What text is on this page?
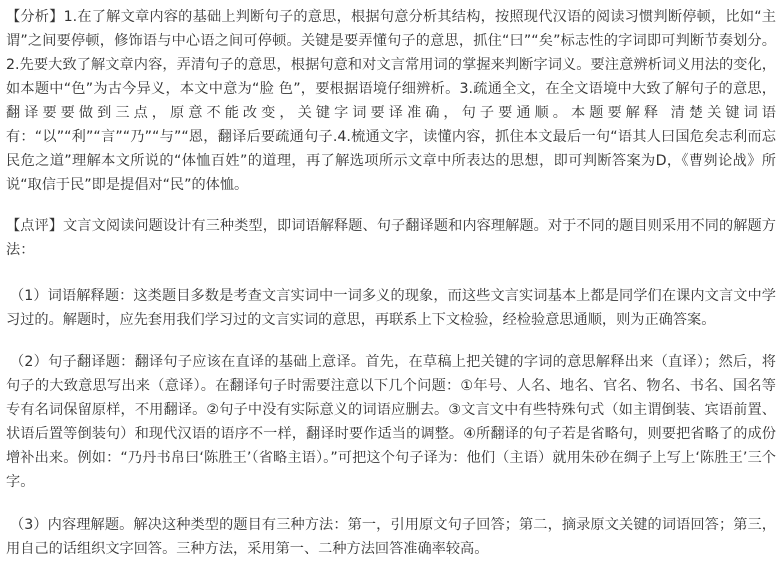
【分析】1.在了解文章内容的基础上判断句子的意思，根据句意分析其结构，按照现代汉语的阅读习惯判断停顿，比如“主谓”之间要停顿，修饰语与中心语之间可停顿。关键是要弄懂句子的意思，抓住“曰”“矣”标志性的字词即可判断节奏划分。2.先要大致了解文章内容，弄清句子的意思，根据句意和对文言常用词的掌握来判断字词义。要注意辨析词义用法的变化，如本题中“色”为古今异义，本文中意为“脸 色”，要根据语境仔细辨析。3.疏通全文，在全文语境中大致了解句子的意思，翻译要要做到三点，原意不能改变，关键字词要译准确，句子要通顺。本题要解释 清楚关键词语有：“以”“利”“言”“乃”“与”“恩，翻译后要疏通句子.4.梳通文字，读懂内容，抓住本文最后一句“语其人曰国危矣志利而忘民危之道”理解本文所说的“体恤百姓”的道理，再了解选项所示文章中所表达的思想，即可判断答案为D，《曹刿论战》所说“取信于民”即是提倡对“民”的体恤。

【点评】文言文阅读问题设计有三种类型，即词语解释题、句子翻译题和内容理解题。对于不同的题目则采用不同的解题方法：

（1）词语解释题：这类题目多数是考查文言实词中一词多义的现象，而这些文言实词基本上都是同学们在课内文言文中学习过的。解题时，应先套用我们学习过的文言实词的意思，再联系上下文检验，经检验意思通顺，则为正确答案。

（2）句子翻译题：翻译句子应该在直译的基础上意译。首先，在草稿上把关键的字词的意思解释出来（直译）；然后，将句子的大致意思写出来（意译）。在翻译句子时需要注意以下几个问题：①年号、人名、地名、官名、物名、书名、国名等专有名词保留原样，不用翻译。②句子中没有实际意义的词语应删去。③文言文中有些特殊句式（如主谓倒装、宾语前置、状语后置等倒装句）和现代汉语的语序不一样，翻译时要作适当的调整。④所翻译的句子若是省略句，则要把省略了的成份增补出来。例如：“乃丹书帛曰‘陈胜王’（省略主语）。”可把这个句子译为：他们（主语）就用朱砂在绸子上写上‘陈胜王’三个字。

（3）内容理解题。解决这种类型的题目有三种方法：第一，引用原文句子回答；第二，摘录原文关键的词语回答；第三，用自己的话组织文字回答。三种方法，采用第一、二种方法回答准确率较高。
